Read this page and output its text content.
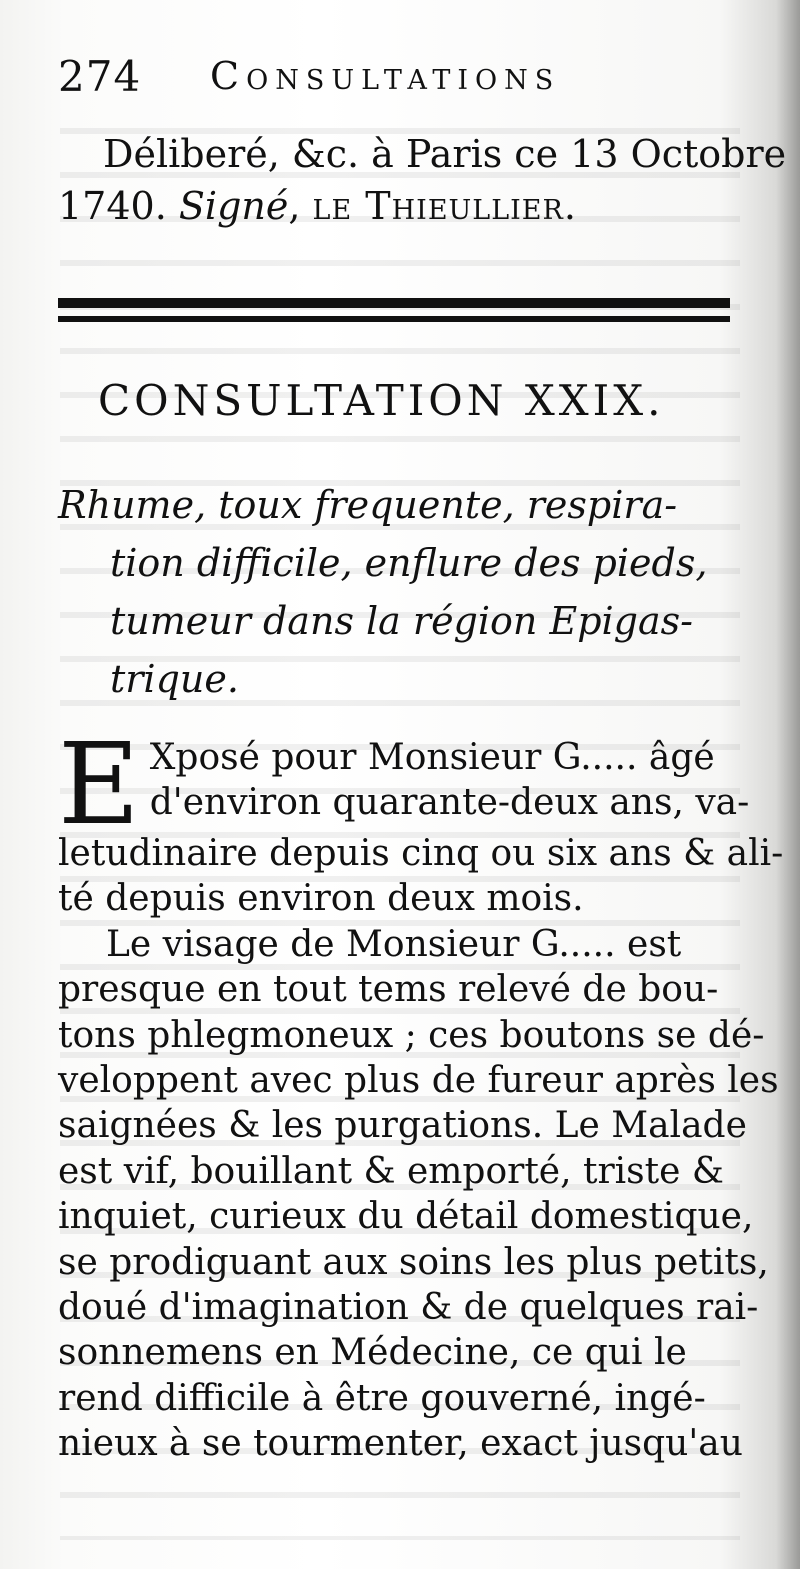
274 Consultations
Déliberé, &c. à Paris ce 13 Octobre
1740. Signé, le Thieullier.
CONSULTATION XXIX.
Rhume, toux frequente, respira-
tion difficile, enflure des pieds,
tumeur dans la région Epigas-
trique.
E Xposé pour Monsieur G..... âgé
d'environ quarante-deux ans, va-
letudinaire depuis cinq ou six ans & ali-
té depuis environ deux mois.
Le visage de Monsieur G..... est
presque en tout tems relevé de bou-
tons phlegmoneux ; ces boutons se dé-
veloppent avec plus de fureur après les
saignées & les purgations. Le Malade
est vif, bouillant & emporté, triste &
inquiet, curieux du détail domestique,
se prodiguant aux soins les plus petits,
doué d'imagination & de quelques rai-
sonnemens en Médecine, ce qui le
rend difficile à être gouverné, ingé-
nieux à se tourmenter, exact jusqu'au
